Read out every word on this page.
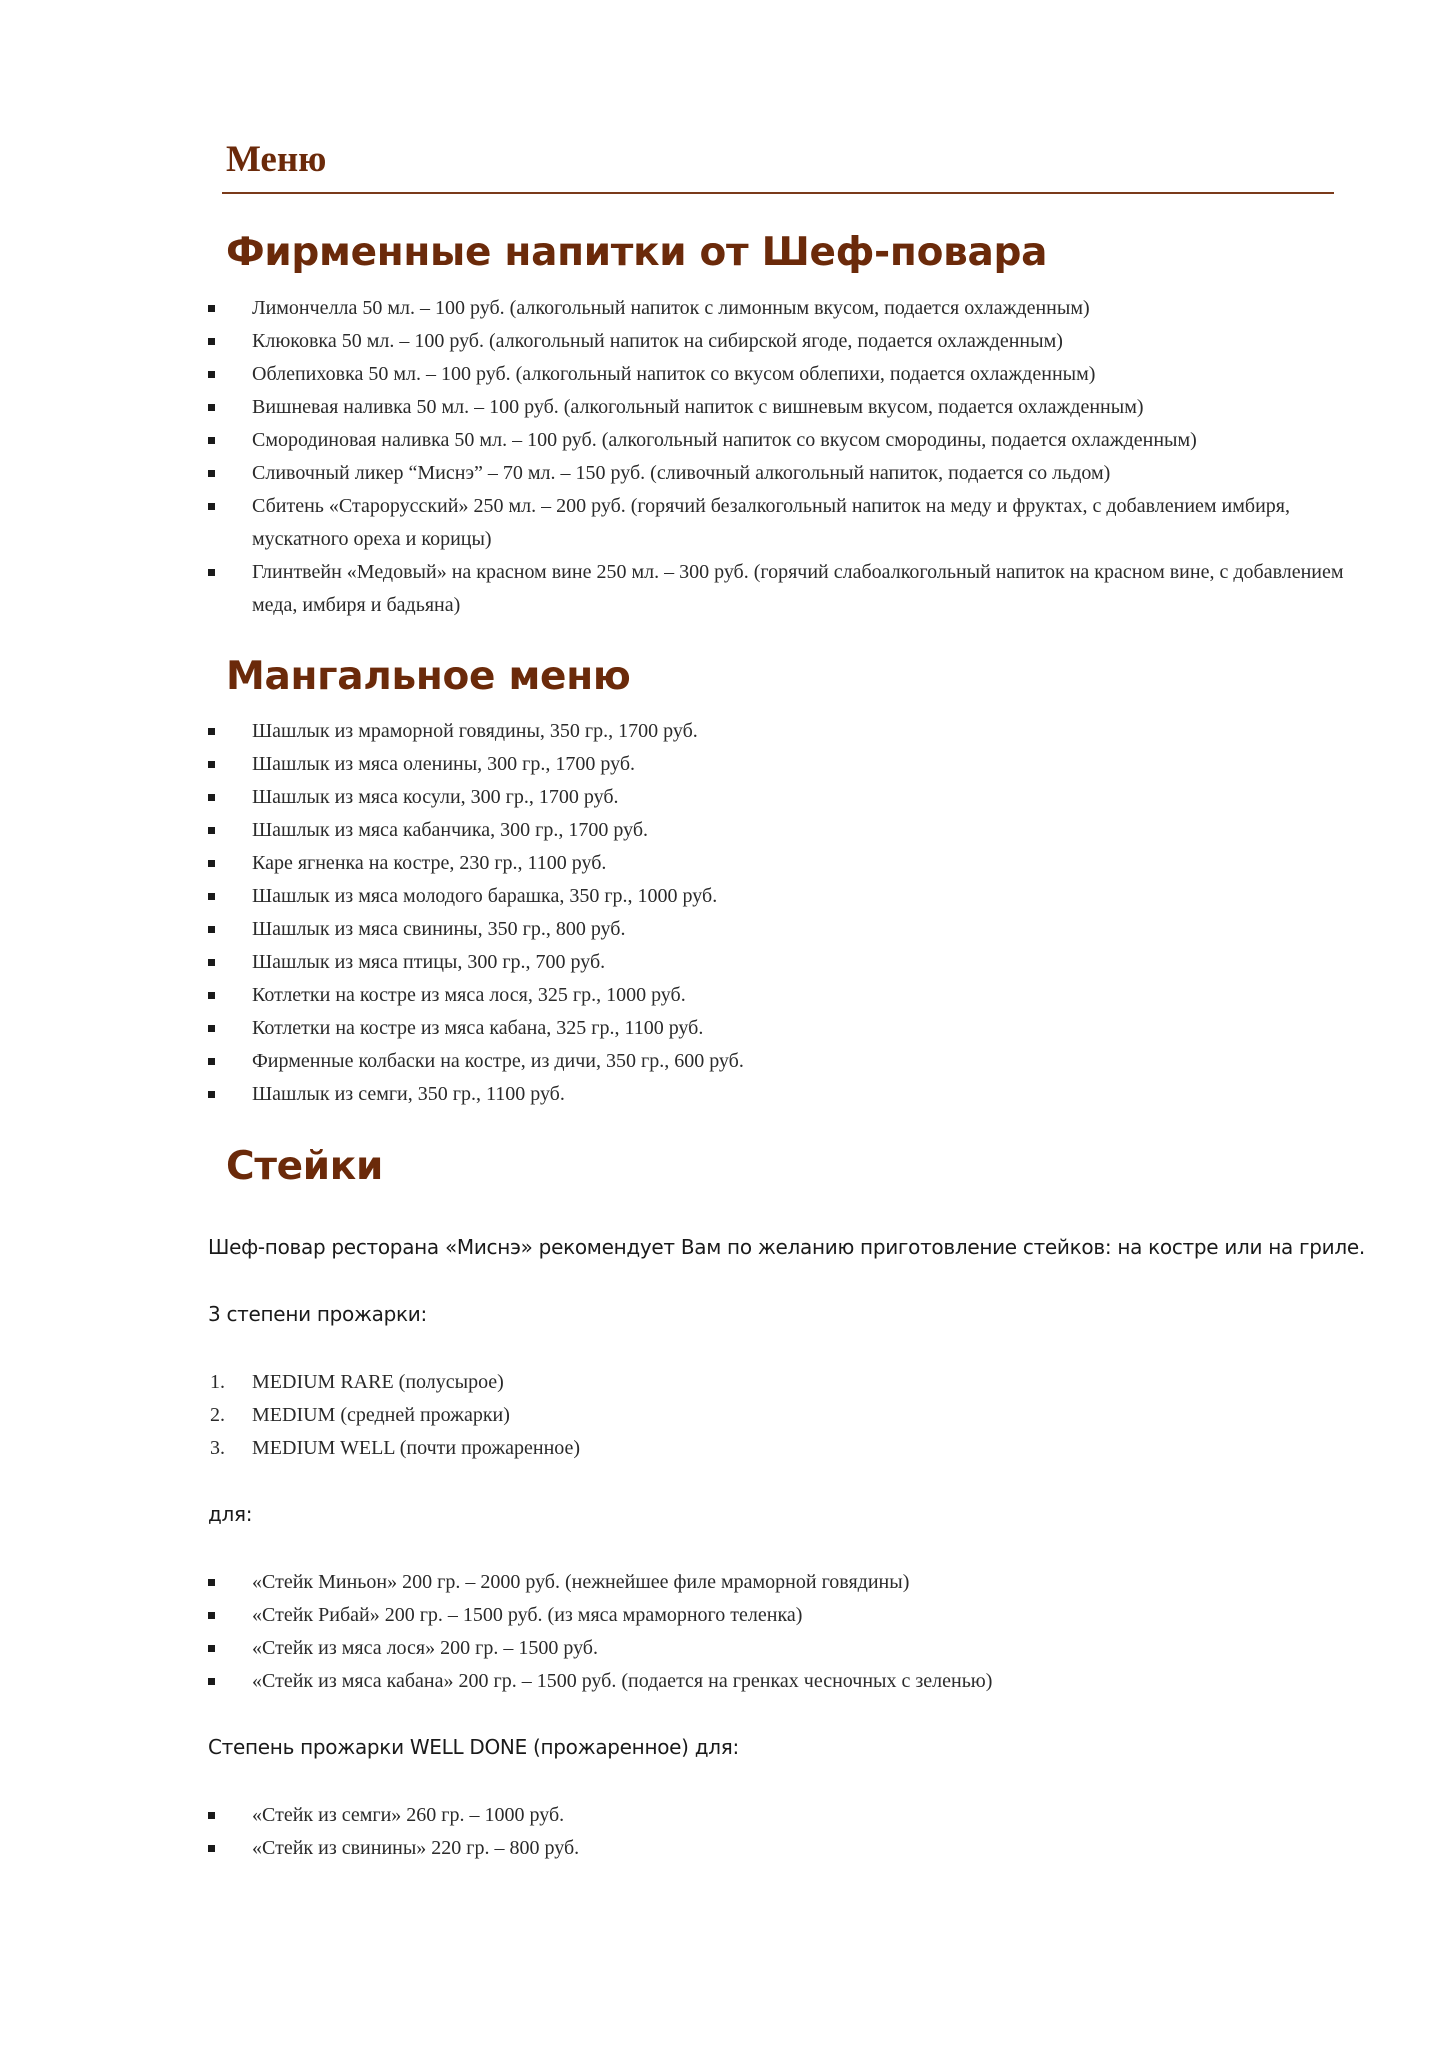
Меню
Фирменные напитки от Шеф-повара
Лимончелла 50 мл. – 100 руб. (алкогольный напиток с лимонным вкусом, подается охлажденным)
Клюковка 50 мл. – 100 руб. (алкогольный напиток на сибирской ягоде, подается охлажденным)
Облепиховка 50 мл. – 100 руб. (алкогольный напиток со вкусом облепихи, подается охлажденным)
Вишневая наливка 50 мл. – 100 руб. (алкогольный напиток с вишневым вкусом, подается охлажденным)
Смородиновая наливка 50 мл. – 100 руб. (алкогольный напиток со вкусом смородины, подается охлажденным)
Сливочный ликер “Миснэ” – 70 мл. – 150 руб. (сливочный алкогольный напиток, подается со льдом)
Сбитень «Старорусский» 250 мл. – 200 руб. (горячий безалкогольный напиток на меду и фруктах, с добавлением имбиря, мускатного ореха и корицы)
Глинтвейн «Медовый» на красном вине 250 мл. – 300 руб. (горячий слабоалкогольный напиток на красном вине, с добавлением меда, имбиря и бадьяна)
Мангальное меню
Шашлык из мраморной говядины, 350 гр., 1700 руб.
Шашлык из мяса оленины, 300 гр., 1700 руб.
Шашлык из мяса косули, 300 гр., 1700 руб.
Шашлык из мяса кабанчика, 300 гр., 1700 руб.
Каре ягненка на костре, 230 гр., 1100 руб.
Шашлык из мяса молодого барашка, 350 гр., 1000 руб.
Шашлык из мяса свинины, 350 гр., 800 руб.
Шашлык из мяса птицы, 300 гр., 700 руб.
Котлетки на костре из мяса лося, 325 гр., 1000 руб.
Котлетки на костре из мяса кабана, 325 гр., 1100 руб.
Фирменные колбаски на костре, из дичи, 350 гр., 600 руб.
Шашлык из семги, 350 гр., 1100 руб.
Стейки

Шеф-повар ресторана «Миснэ» рекомендует Вам по желанию приготовление стейков: на костре или на гриле.

3 степени прожарки:

1. MEDIUM RARE (полусырое)
2. MEDIUM (средней прожарки)
3. MEDIUM WELL (почти прожаренное)

для:

«Стейк Миньон» 200 гр. – 2000 руб. (нежнейшее филе мраморной говядины)
«Стейк Рибай» 200 гр. – 1500 руб. (из мяса мраморного теленка)
«Стейк из мяса лося» 200 гр. – 1500 руб.
«Стейк из мяса кабана» 200 гр. – 1500 руб. (подается на гренках чесночных с зеленью)

Степень прожарки WELL DONE (прожаренное) для:

«Стейк из семги» 260 гр. – 1000 руб.
«Стейк из свинины» 220 гр. – 800 руб.
